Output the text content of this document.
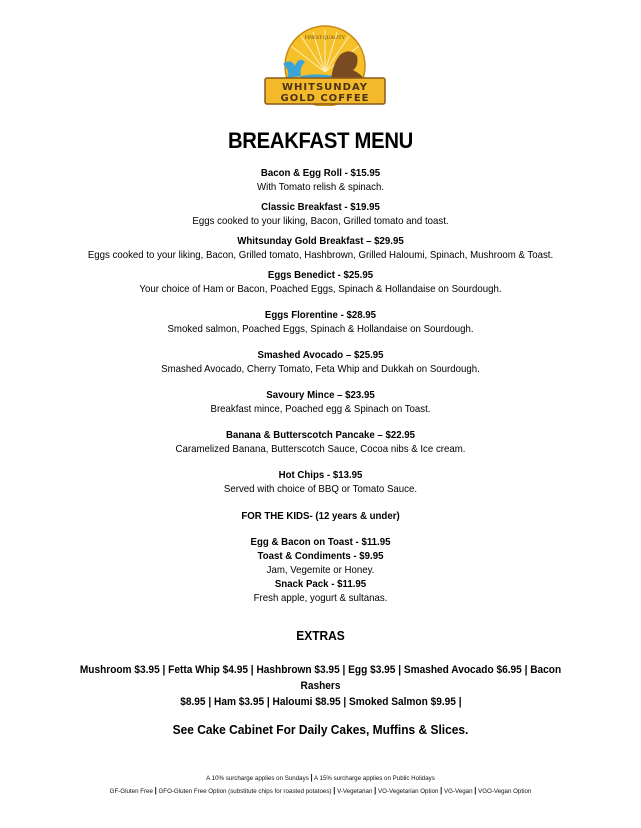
FINEST QUALITY
WHITSUNDAY
GOLD COFFEE
BREAKFAST MENU
Bacon & Egg Roll - $15.95
With Tomato relish & spinach.
Classic Breakfast - $19.95
Eggs cooked to your liking, Bacon, Grilled tomato and toast.
Whitsunday Gold Breakfast – $29.95
Eggs cooked to your liking, Bacon, Grilled tomato, Hashbrown, Grilled Haloumi, Spinach, Mushroom & Toast.
Eggs Benedict - $25.95
Your choice of Ham or Bacon, Poached Eggs, Spinach & Hollandaise on Sourdough.
Eggs Florentine - $28.95
Smoked salmon, Poached Eggs, Spinach & Hollandaise on Sourdough.
Smashed Avocado – $25.95
Smashed Avocado, Cherry Tomato, Feta Whip and Dukkah on Sourdough.
Savoury Mince – $23.95
Breakfast mince, Poached egg & Spinach on Toast.
Banana & Butterscotch Pancake – $22.95
Caramelized Banana, Butterscotch Sauce, Cocoa nibs & Ice cream.
Hot Chips - $13.95
Served with choice of BBQ or Tomato Sauce.
FOR THE KIDS- (12 years & under)
Egg & Bacon on Toast - $11.95
Toast & Condiments - $9.95
Jam, Vegemite or Honey.
Snack Pack - $11.95
Fresh apple, yogurt & sultanas.
EXTRAS
Mushroom $3.95 | Fetta Whip $4.95 | Hashbrown $3.95 | Egg $3.95 | Smashed Avocado $6.95 | Bacon Rashers
$8.95 | Ham $3.95 | Haloumi $8.95 | Smoked Salmon $9.95 |
See Cake Cabinet For Daily Cakes, Muffins & Slices.
A 10% surcharge applies on Sundays | A 15% surcharge applies on Public Holidays
GF-Gluten Free | GFO-Gluten Free Option (substitute chips for roasted potatoes) | V-Vegetarian | VO-Vegetarian Option | VG-Vegan | VGO-Vegan Option
